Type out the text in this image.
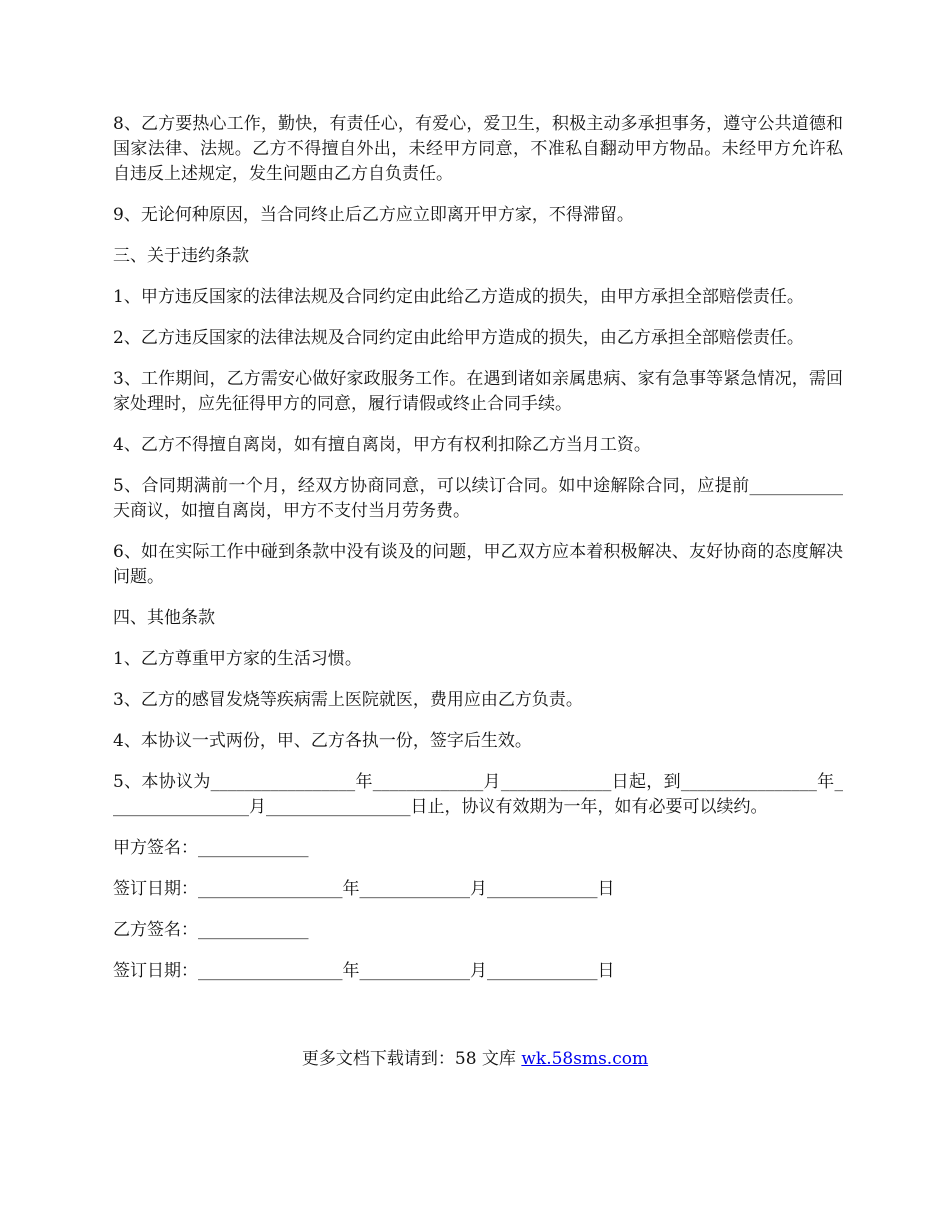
8、乙方要热心工作，勤快，有责任心，有爱心，爱卫生，积极主动多承担事务，遵守公共道德和国家法律、法规。乙方不得擅自外出，未经甲方同意，不准私自翻动甲方物品。未经甲方允许私自违反上述规定，发生问题由乙方自负责任。

9、无论何种原因，当合同终止后乙方应立即离开甲方家，不得滞留。

三、关于违约条款

1、甲方违反国家的法律法规及合同约定由此给乙方造成的损失，由甲方承担全部赔偿责任。

2、乙方违反国家的法律法规及合同约定由此给甲方造成的损失，由乙方承担全部赔偿责任。

3、工作期间，乙方需安心做好家政服务工作。在遇到诸如亲属患病、家有急事等紧急情况，需回家处理时，应先征得甲方的同意，履行请假或终止合同手续。

4、乙方不得擅自离岗，如有擅自离岗，甲方有权利扣除乙方当月工资。

5、合同期满前一个月，经双方协商同意，可以续订合同。如中途解除合同，应提前___________天商议，如擅自离岗，甲方不支付当月劳务费。

6、如在实际工作中碰到条款中没有谈及的问题，甲乙双方应本着积极解决、友好协商的态度解决问题。

四、其他条款

1、乙方尊重甲方家的生活习惯。

3、乙方的感冒发烧等疾病需上医院就医，费用应由乙方负责。

4、本协议一式两份，甲、乙方各执一份，签字后生效。

5、本协议为_________________年_____________月_____________日起，到________________年_________________月_________________日止，协议有效期为一年，如有必要可以续约。

甲方签名：_____________

签订日期：_________________年_____________月_____________日

乙方签名：_____________

签订日期：_________________年_____________月_____________日

更多文档下载请到：58 文库 wk.58sms.com
